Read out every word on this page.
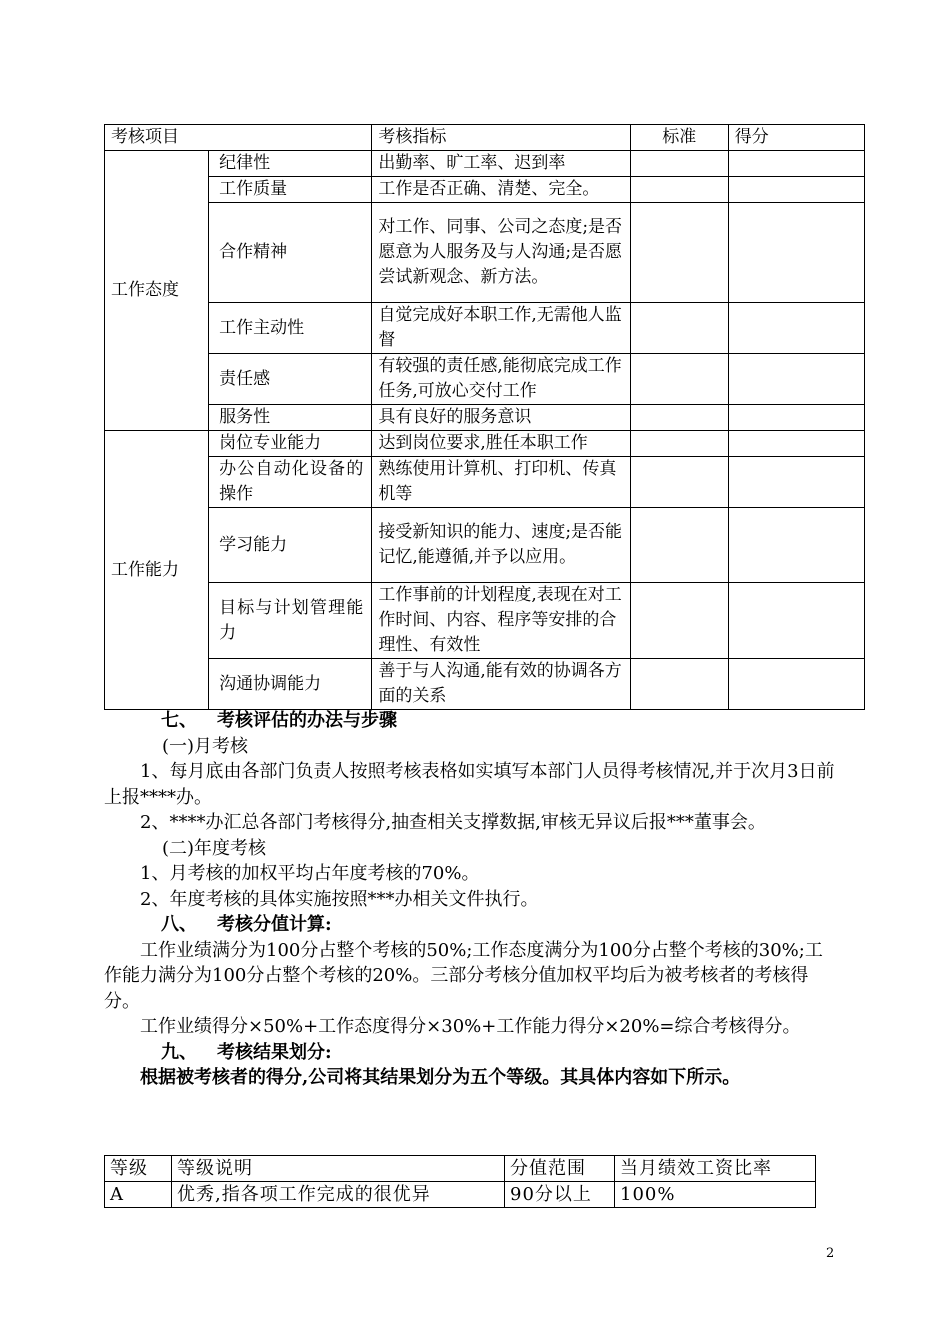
考核项目		考核指标	标准	得分
工作态度	纪律性	出勤率、旷工率、迟到率		
	工作质量	工作是否正确、清楚、完全。		
	合作精神	对工作、同事、公司之态度;是否愿意为人服务及与人沟通;是否愿尝试新观念、新方法。		
	工作主动性	自觉完成好本职工作,无需他人监督		
	责任感	有较强的责任感,能彻底完成工作任务,可放心交付工作		
	服务性	具有良好的服务意识		
工作能力	岗位专业能力	达到岗位要求,胜任本职工作		
	办公自动化设备的操作	熟练使用计算机、打印机、传真机等		
	学习能力	接受新知识的能力、速度;是否能记忆,能遵循,并予以应用。		
	目标与计划管理能力	工作事前的计划程度,表现在对工作时间、内容、程序等安排的合理性、有效性		
	沟通协调能力	善于与人沟通,能有效的协调各方面的关系		

七、 考核评估的办法与步骤

(一)月考核

1、每月底由各部门负责人按照考核表格如实填写本部门人员得考核情况,并于次月3日前上报****办。

2、****办汇总各部门考核得分,抽查相关支撑数据,审核无异议后报***董事会。

(二)年度考核

1、月考核的加权平均占年度考核的70%。

2、年度考核的具体实施按照***办相关文件执行。

八、 考核分值计算:

工作业绩满分为100分占整个考核的50%;工作态度满分为100分占整个考核的30%;工作能力满分为100分占整个考核的20%。三部分考核分值加权平均后为被考核者的考核得分。

工作业绩得分×50%+工作态度得分×30%+工作能力得分×20%=综合考核得分。

九、 考核结果划分:

根据被考核者的得分,公司将其结果划分为五个等级。其具体内容如下所示。

等级	等级说明	分值范围	当月绩效工资比率
A	优秀,指各项工作完成的很优异	90分以上	100%
2
